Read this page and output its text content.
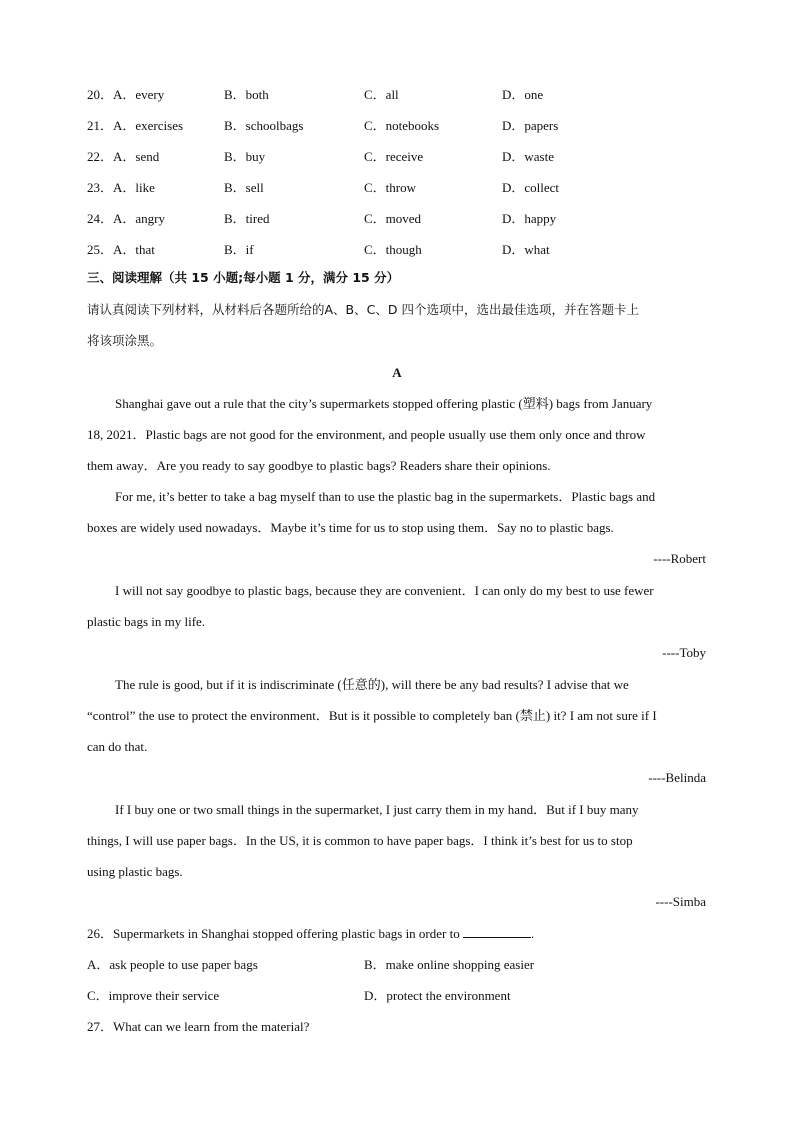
20．A．every	B．both	C．all	D．one
21．A．exercises	B．schoolbags	C．notebooks	D．papers
22．A．send	B．buy	C．receive	D．waste
23．A．like	B．sell	C．throw	D．collect
24．A．angry	B．tired	C．moved	D．happy
25．A．that	B．if	C．though	D．what
三、阅读理解（共 15 小题;每小题 1 分，满分 15 分）
请认真阅读下列材料，从材料后各题所给的A、B、C、D 四个选项中，选出最佳选项，并在答题卡上
将该项涂黑。
A
Shanghai gave out a rule that the city’s supermarkets stopped offering plastic (塑料) bags from January
18, 2021．Plastic bags are not good for the environment, and people usually use them only once and throw
them away．Are you ready to say goodbye to plastic bags? Readers share their opinions.
For me, it’s better to take a bag myself than to use the plastic bag in the supermarkets．Plastic bags and
boxes are widely used nowadays．Maybe it’s time for us to stop using them．Say no to plastic bags.
----Robert
I will not say goodbye to plastic bags, because they are convenient．I can only do my best to use fewer
plastic bags in my life.
----Toby
The rule is good, but if it is indiscriminate (任意的), will there be any bad results? I advise that we
“control” the use to protect the environment．But is it possible to completely ban (禁止) it? I am not sure if I
can do that.
----Belinda
If I buy one or two small things in the supermarket, I just carry them in my hand．But if I buy many
things, I will use paper bags．In the US, it is common to have paper bags．I think it’s best for us to stop
using plastic bags.
----Simba
26．Supermarkets in Shanghai stopped offering plastic bags in order to	.
A．ask people to use paper bags	B．make online shopping easier
C．improve their service	D．protect the environment
27．What can we learn from the material?
